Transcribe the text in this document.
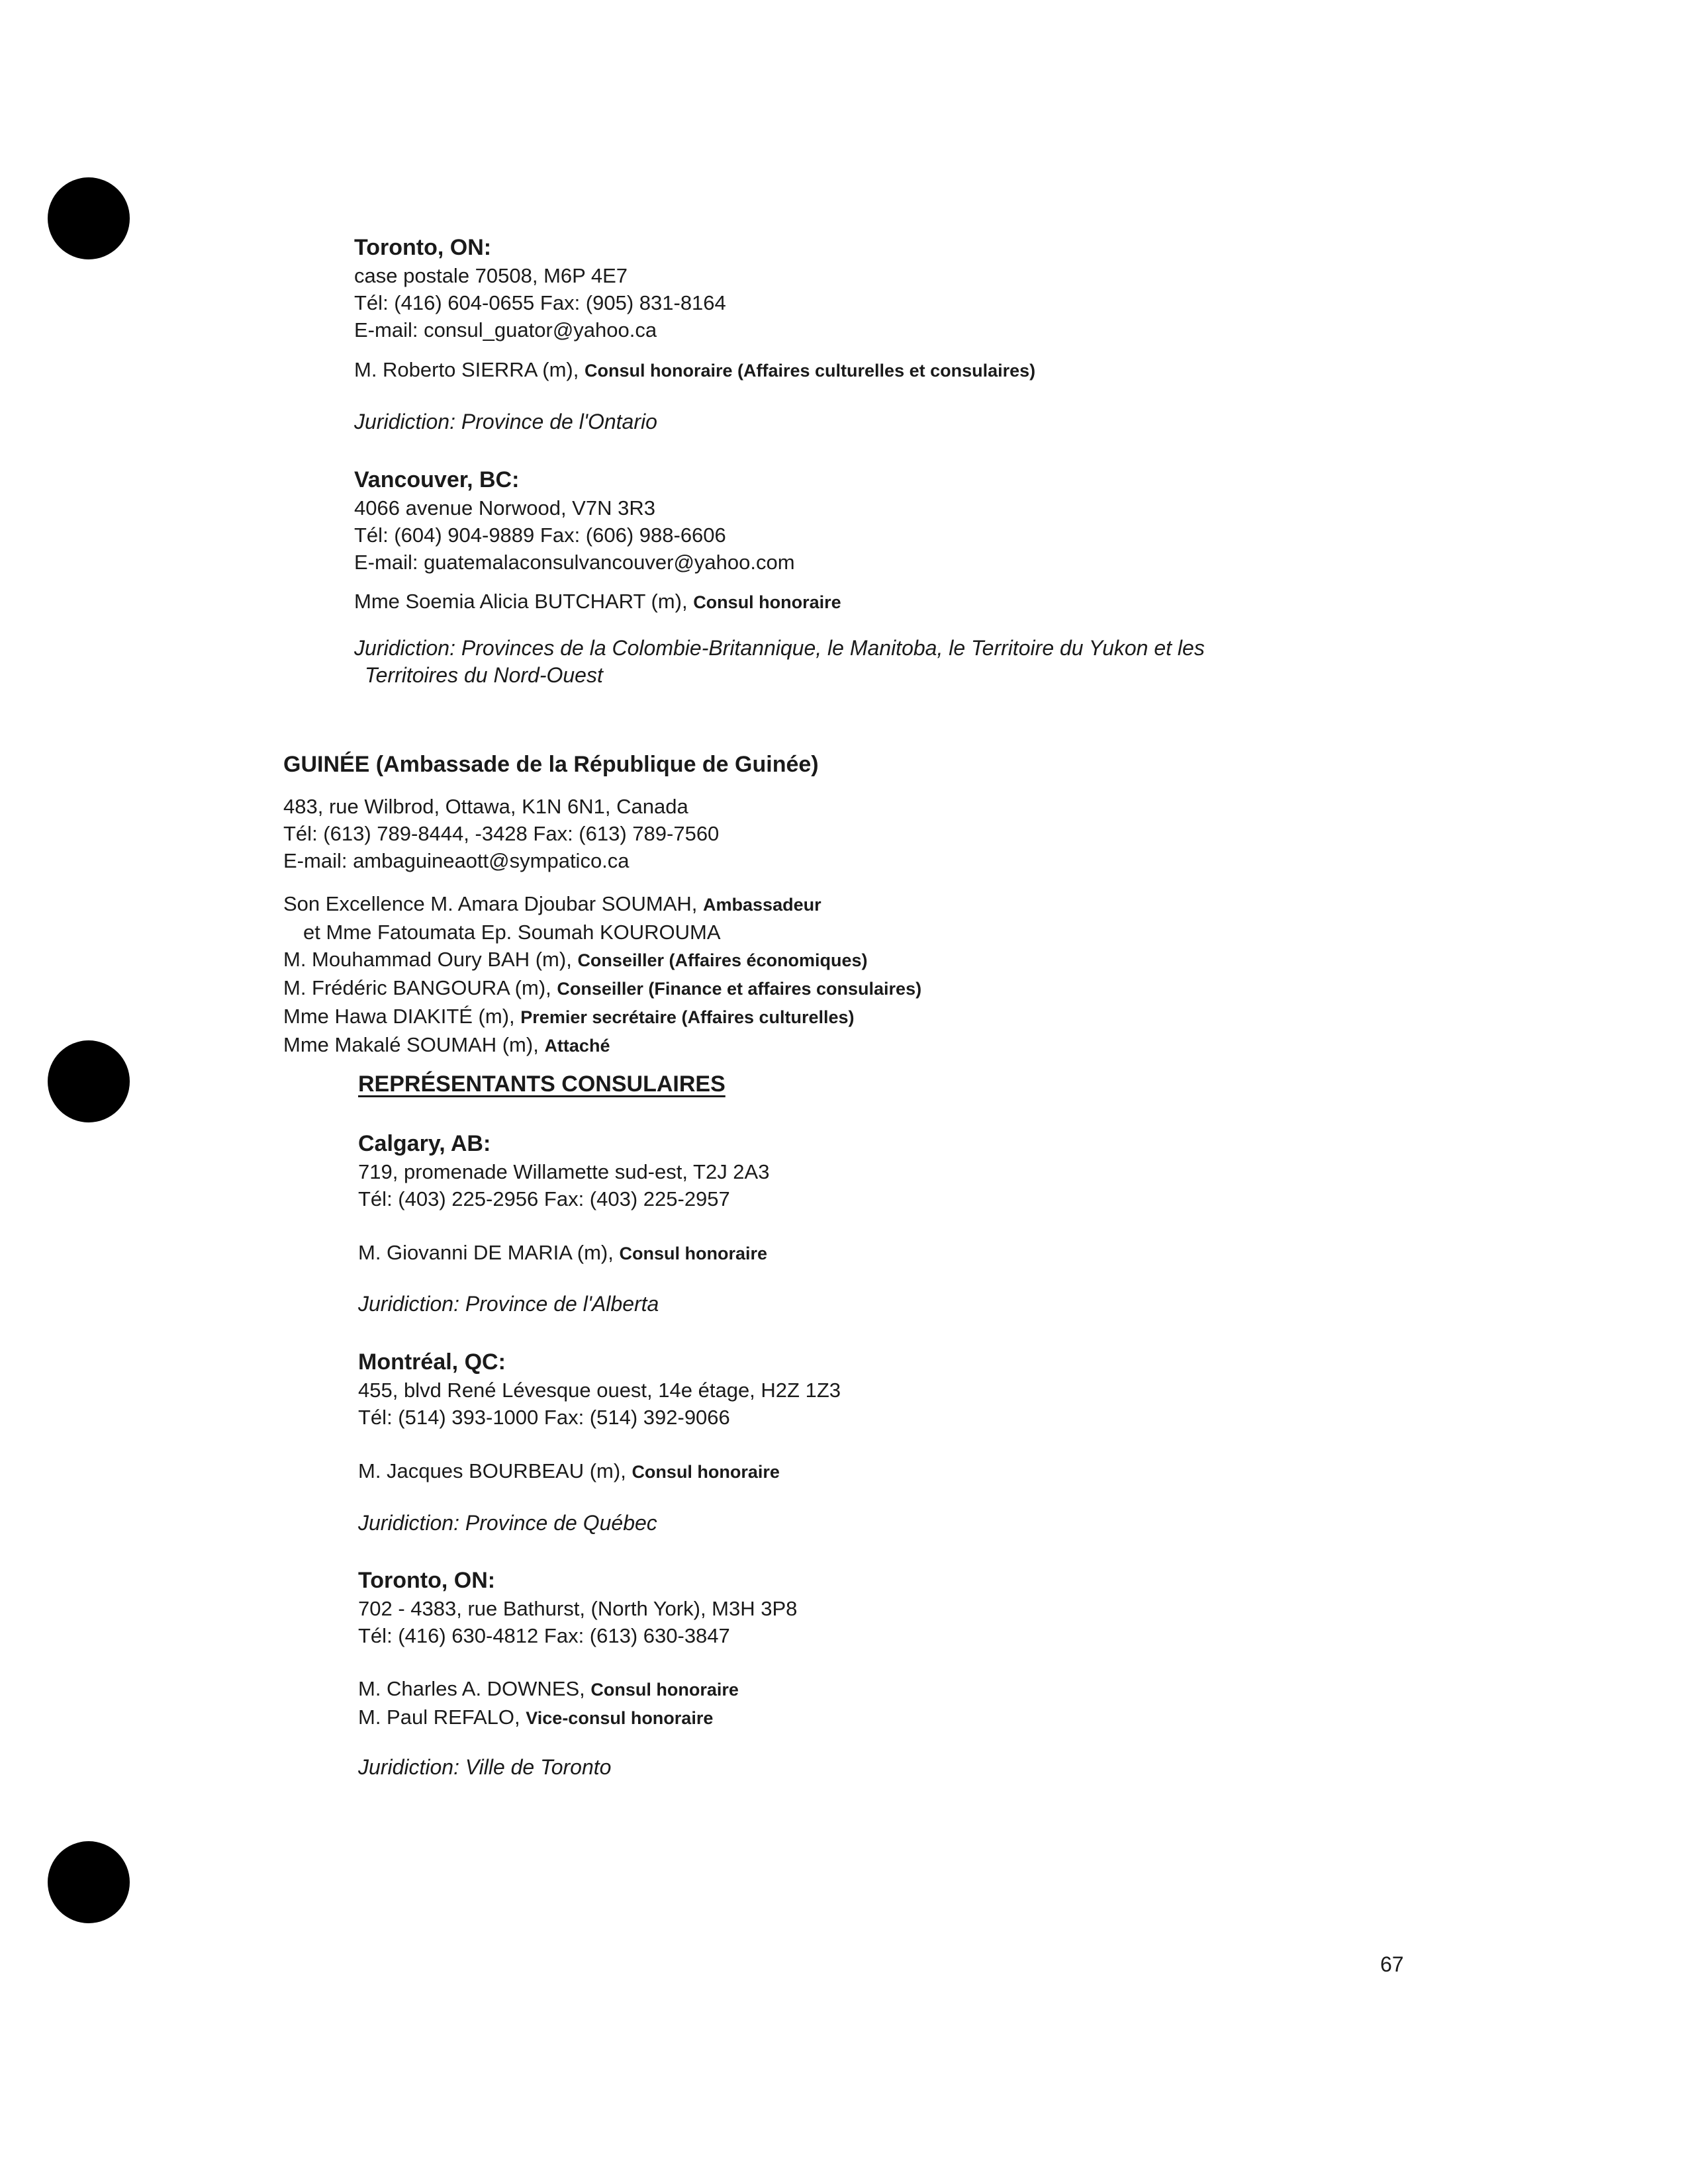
Toronto, ON:
case postale 70508, M6P 4E7
Tél: (416) 604-0655 Fax: (905) 831-8164
E-mail: consul_guator@yahoo.ca
M. Roberto SIERRA (m), Consul honoraire (Affaires culturelles et consulaires)
Juridiction: Province de l'Ontario
Vancouver, BC:
4066 avenue Norwood, V7N 3R3
Tél: (604) 904-9889 Fax: (606) 988-6606
E-mail: guatemalaconsulvancouver@yahoo.com
Mme Soemia Alicia BUTCHART (m), Consul honoraire
Juridiction: Provinces de la Colombie-Britannique, le Manitoba, le Territoire du Yukon et les
Territoires du Nord-Ouest
GUINÉE (Ambassade de la République de Guinée)
483, rue Wilbrod, Ottawa, K1N 6N1, Canada
Tél: (613) 789-8444, -3428 Fax: (613) 789-7560
E-mail: ambaguineaott@sympatico.ca
Son Excellence M. Amara Djoubar SOUMAH, Ambassadeur
et Mme Fatoumata Ep. Soumah KOUROUMA
M. Mouhammad Oury BAH (m), Conseiller (Affaires économiques)
M. Frédéric BANGOURA (m), Conseiller (Finance et affaires consulaires)
Mme Hawa DIAKITÉ (m), Premier secrétaire (Affaires culturelles)
Mme Makalé SOUMAH (m), Attaché
REPRÉSENTANTS CONSULAIRES
Calgary, AB:
719, promenade Willamette sud-est, T2J 2A3
Tél: (403) 225-2956 Fax: (403) 225-2957
M. Giovanni DE MARIA (m), Consul honoraire
Juridiction: Province de l'Alberta
Montréal, QC:
455, blvd René Lévesque ouest, 14e étage, H2Z 1Z3
Tél: (514) 393-1000 Fax: (514) 392-9066
M. Jacques BOURBEAU (m), Consul honoraire
Juridiction: Province de Québec
Toronto, ON:
702 - 4383, rue Bathurst, (North York), M3H 3P8
Tél: (416) 630-4812 Fax: (613) 630-3847
M. Charles A. DOWNES, Consul honoraire
M. Paul REFALO, Vice-consul honoraire
Juridiction: Ville de Toronto
67
